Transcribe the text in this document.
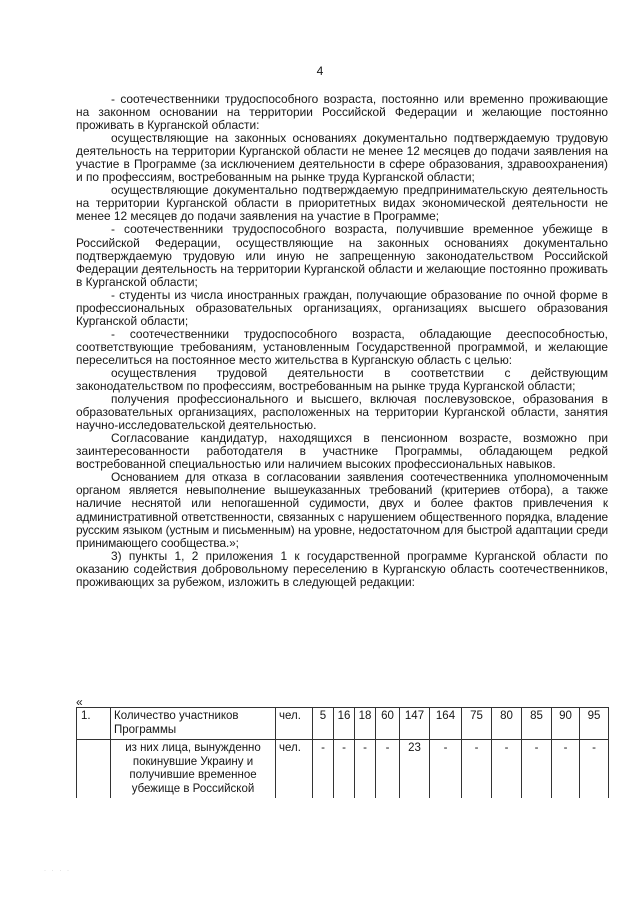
4

- соотечественники трудоспособного возраста, постоянно или временно проживающие на законном основании на территории Российской Федерации и желающие постоянно проживать в Курганской области:

осуществляющие на законных основаниях документально подтверждаемую трудовую деятельность на территории Курганской области не менее 12 месяцев до подачи заявления на участие в Программе (за исключением деятельности в сфере образования, здравоохранения) и по профессиям, востребованным на рынке труда Курганской области;

осуществляющие документально подтверждаемую предпринимательскую деятельность на территории Курганской области в приоритетных видах экономической деятельности не менее 12 месяцев до подачи заявления на участие в Программе;

- соотечественники трудоспособного возраста, получившие временное убежище в Российской Федерации, осуществляющие на законных основаниях документально подтверждаемую трудовую или иную не запрещенную законодательством Российской Федерации деятельность на территории Курганской области и желающие постоянно проживать в Курганской области;

- студенты из числа иностранных граждан, получающие образование по очной форме в профессиональных образовательных организациях, организациях высшего образования Курганской области;

- соотечественники трудоспособного возраста, обладающие дееспособностью, соответствующие требованиям, установленным Государственной программой, и желающие переселиться на постоянное место жительства в Курганскую область с целью:

осуществления трудовой деятельности в соответствии с действующим законодательством по профессиям, востребованным на рынке труда Курганской области;

получения профессионального и высшего, включая послевузовское, образования в образовательных организациях, расположенных на территории Курганской области, занятия научно-исследовательской деятельностью.

Согласование кандидатур, находящихся в пенсионном возрасте, возможно при заинтересованности работодателя в участнике Программы, обладающем редкой востребованной специальностью или наличием высоких профессиональных навыков.

Основанием для отказа в согласовании заявления соотечественника уполномоченным органом является невыполнение вышеуказанных требований (критериев отбора), а также наличие неснятой или непогашенной судимости, двух и более фактов привлечения к административной ответственности, связанных с нарушением общественного порядка, владение русским языком (устным и письменным) на уровне, недостаточном для быстрой адаптации среди принимающего сообщества.»;

3) пункты 1, 2 приложения 1 к государственной программе Курганской области по оказанию содействия добровольному переселению в Курганскую область соотечественников, проживающих за рубежом, изложить в следующей редакции:

«
1.	Количество участников Программы	чел.	5	16	18	60	147	164	75	80	85	90	95
	из них лица, вынужденно покинувшие Украину и получившие временное убежище в Российской	чел.	-	-	-	-	23	-	-	-	-	-	-
· · · ·
